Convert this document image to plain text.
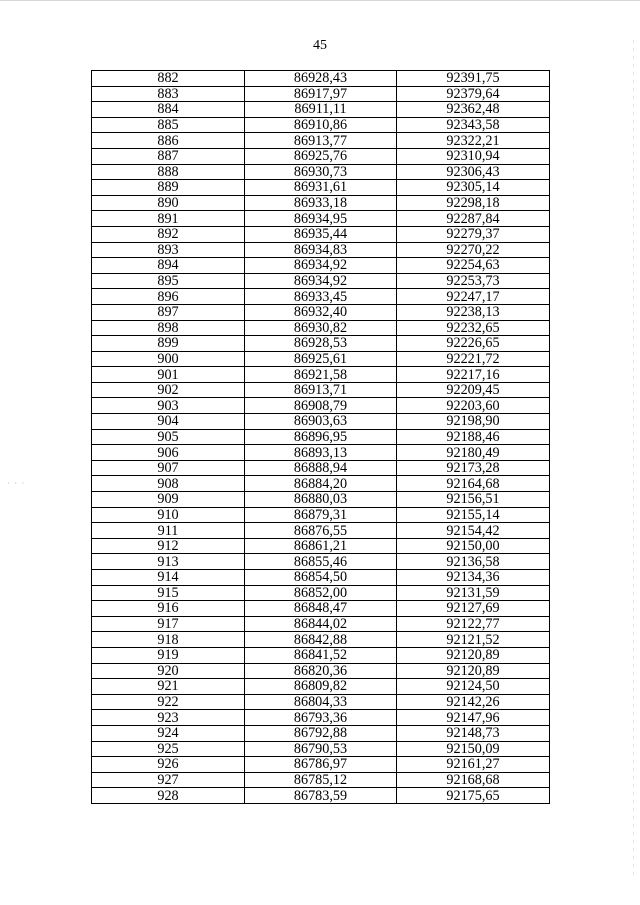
45
· · ·
882	86928,43	92391,75
883	86917,97	92379,64
884	86911,11	92362,48
885	86910,86	92343,58
886	86913,77	92322,21
887	86925,76	92310,94
888	86930,73	92306,43
889	86931,61	92305,14
890	86933,18	92298,18
891	86934,95	92287,84
892	86935,44	92279,37
893	86934,83	92270,22
894	86934,92	92254,63
895	86934,92	92253,73
896	86933,45	92247,17
897	86932,40	92238,13
898	86930,82	92232,65
899	86928,53	92226,65
900	86925,61	92221,72
901	86921,58	92217,16
902	86913,71	92209,45
903	86908,79	92203,60
904	86903,63	92198,90
905	86896,95	92188,46
906	86893,13	92180,49
907	86888,94	92173,28
908	86884,20	92164,68
909	86880,03	92156,51
910	86879,31	92155,14
911	86876,55	92154,42
912	86861,21	92150,00
913	86855,46	92136,58
914	86854,50	92134,36
915	86852,00	92131,59
916	86848,47	92127,69
917	86844,02	92122,77
918	86842,88	92121,52
919	86841,52	92120,89
920	86820,36	92120,89
921	86809,82	92124,50
922	86804,33	92142,26
923	86793,36	92147,96
924	86792,88	92148,73
925	86790,53	92150,09
926	86786,97	92161,27
927	86785,12	92168,68
928	86783,59	92175,65
